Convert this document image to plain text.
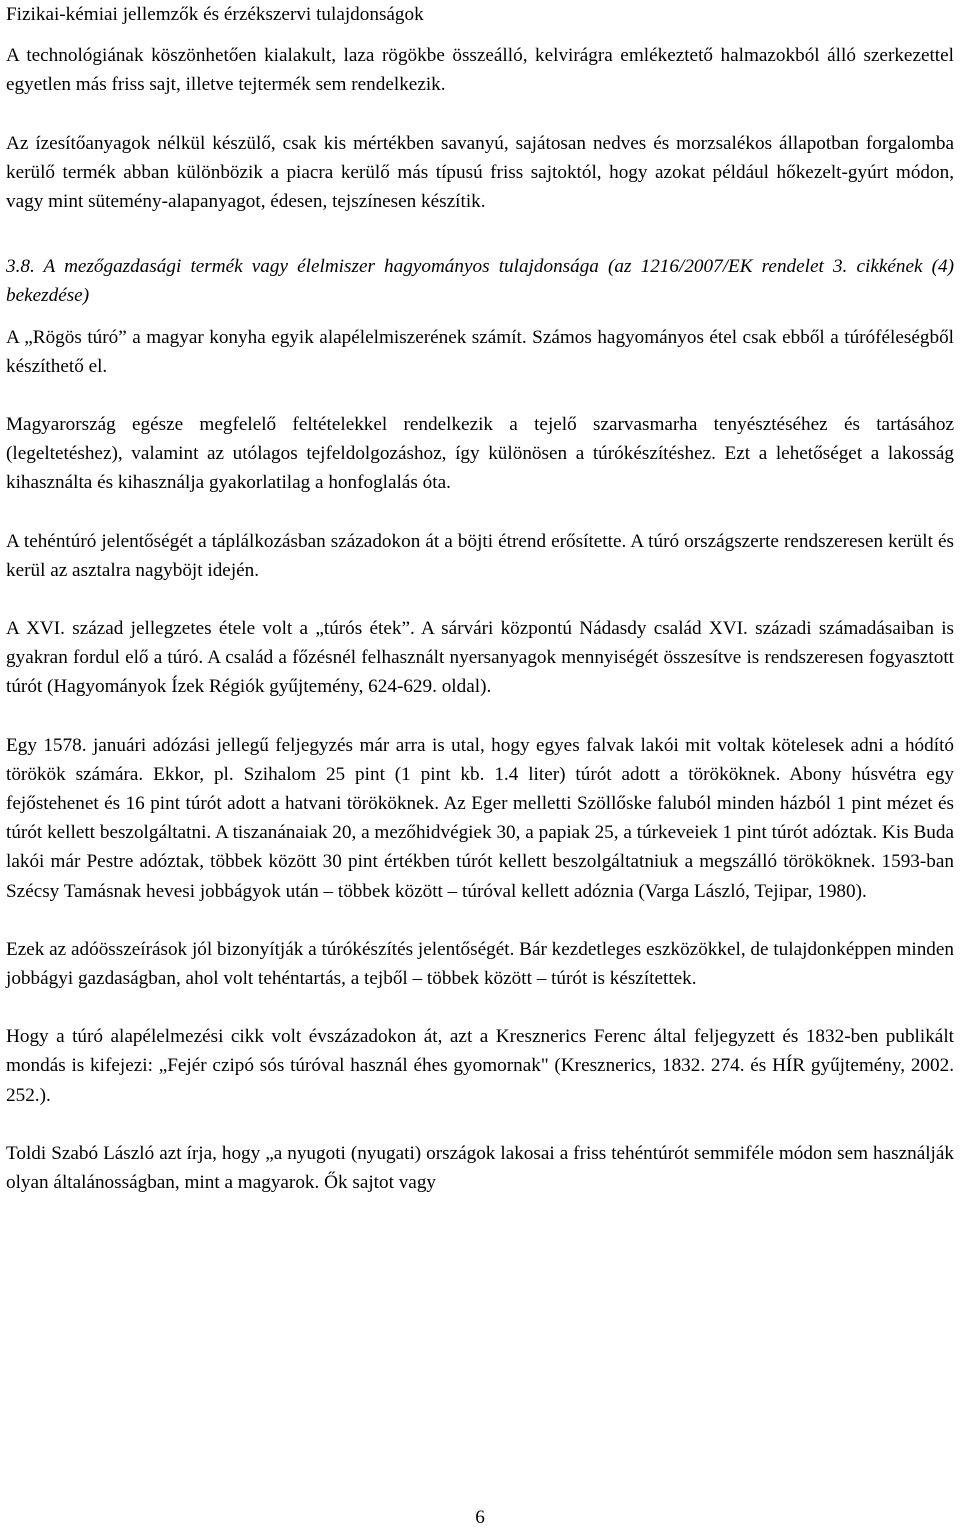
Fizikai-kémiai jellemzők és érzékszervi tulajdonságok

A technológiának köszönhetően kialakult, laza rögökbe összeálló, kelvirágra emlékeztető halmazokból álló szerkezettel egyetlen más friss sajt, illetve tejtermék sem rendelkezik.

Az ízesítőanyagok nélkül készülő, csak kis mértékben savanyú, sajátosan nedves és morzsalékos állapotban forgalomba kerülő termék abban különbözik a piacra kerülő más típusú friss sajtoktól, hogy azokat például hőkezelt-gyúrt módon, vagy mint sütemény-alapanyagot, édesen, tejszínesen készítik.

3.8. A mezőgazdasági termék vagy élelmiszer hagyományos tulajdonsága (az 1216/2007/EK rendelet 3. cikkének (4) bekezdése)

A „Rögös túró” a magyar konyha egyik alapélelmiszerének számít. Számos hagyományos étel csak ebből a túróféleségből készíthető el.

Magyarország egésze megfelelő feltételekkel rendelkezik a tejelő szarvasmarha tenyésztéséhez és tartásához (legeltetéshez), valamint az utólagos tejfeldolgozáshoz, így különösen a túrókészítéshez. Ezt a lehetőséget a lakosság kihasználta és kihasználja gyakorlatilag a honfoglalás óta.

A tehéntúró jelentőségét a táplálkozásban századokon át a böjti étrend erősítette. A túró országszerte rendszeresen került és kerül az asztalra nagyböjt idején.

A XVI. század jellegzetes étele volt a „túrós étek”. A sárvári központú Nádasdy család XVI. századi számadásaiban is gyakran fordul elő a túró. A család a főzésnél felhasznált nyersanyagok mennyiségét összesítve is rendszeresen fogyasztott túrót (Hagyományok Ízek Régiók gyűjtemény, 624-629. oldal).

Egy 1578. januári adózási jellegű feljegyzés már arra is utal, hogy egyes falvak lakói mit voltak kötelesek adni a hódító törökök számára. Ekkor, pl. Szihalom 25 pint (1 pint kb. 1.4 liter) túrót adott a törököknek. Abony húsvétra egy fejőstehenet és 16 pint túrót adott a hatvani törököknek. Az Eger melletti Szöllőske faluból minden házból 1 pint mézet és túrót kellett beszolgáltatni. A tiszanánaiak 20, a mezőhidvégiek 30, a papiak 25, a túrkeveiek 1 pint túrót adóztak. Kis Buda lakói már Pestre adóztak, többek között 30 pint értékben túrót kellett beszolgáltatniuk a megszálló törököknek. 1593-ban Szécsy Tamásnak hevesi jobbágyok után – többek között – túróval kellett adóznia (Varga László, Tejipar, 1980).

Ezek az adóösszeírások jól bizonyítják a túrókészítés jelentőségét. Bár kezdetleges eszközökkel, de tulajdonképpen minden jobbágyi gazdaságban, ahol volt tehéntartás, a tejből – többek között – túrót is készítettek.

Hogy a túró alapélelmezési cikk volt évszázadokon át, azt a Kresznerics Ferenc által feljegyzett és 1832-ben publikált mondás is kifejezi: „Fejér czipó sós túróval használ éhes gyomornak" (Kresznerics, 1832. 274. és HÍR gyűjtemény, 2002. 252.).

Toldi Szabó László azt írja, hogy „a nyugoti (nyugati) országok lakosai a friss tehéntúrót semmiféle módon sem használják olyan általánosságban, mint a magyarok. Ők sajtot vagy

6
